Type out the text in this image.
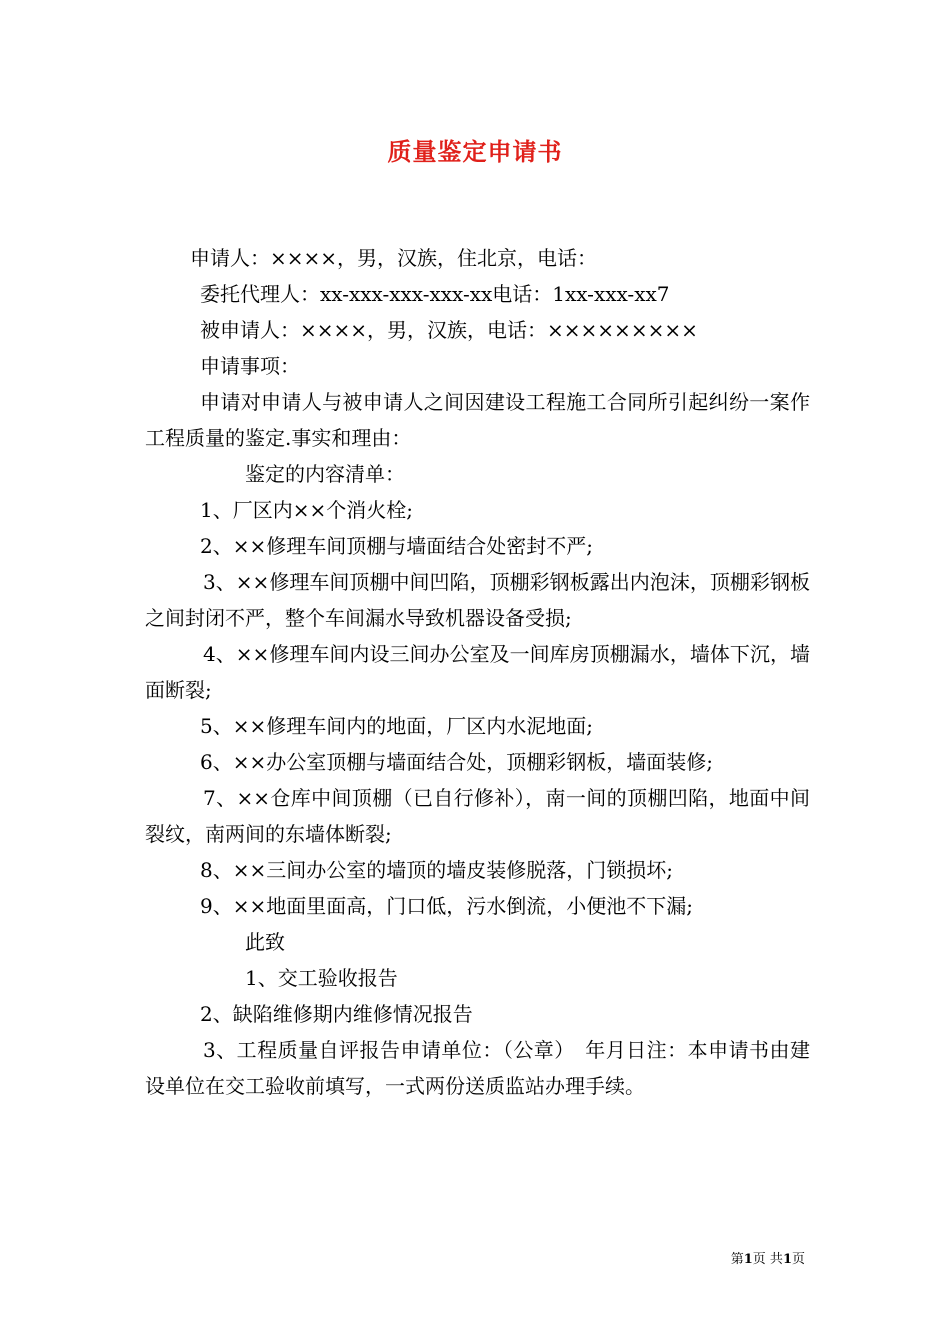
质量鉴定申请书

申请人：××××，男，汉族，住北京，电话：

委托代理人：xx-xxx-xxx-xxx-xx电话：1xx-xxx-xx7

被申请人：××××，男，汉族，电话：×××××××××

申请事项：

申请对申请人与被申请人之间因建设工程施工合同所引起纠纷一案作工程质量的鉴定.事实和理由：

鉴定的内容清单：

1、厂区内××个消火栓;

2、××修理车间顶棚与墙面结合处密封不严;

3、××修理车间顶棚中间凹陷，顶棚彩钢板露出内泡沫，顶棚彩钢板之间封闭不严，整个车间漏水导致机器设备受损;

4、××修理车间内设三间办公室及一间库房顶棚漏水，墙体下沉，墙面断裂;

5、××修理车间内的地面，厂区内水泥地面;

6、××办公室顶棚与墙面结合处，顶棚彩钢板，墙面装修;

7、××仓库中间顶棚（已自行修补），南一间的顶棚凹陷，地面中间裂纹，南两间的东墙体断裂;

8、××三间办公室的墙顶的墙皮装修脱落，门锁损坏;

9、××地面里面高，门口低，污水倒流，小便池不下漏;

此致

1、交工验收报告

2、缺陷维修期内维修情况报告

3、工程质量自评报告申请单位：（公章）　年月日注：本申请书由建设单位在交工验收前填写，一式两份送质监站办理手续。

第1页 共1页
